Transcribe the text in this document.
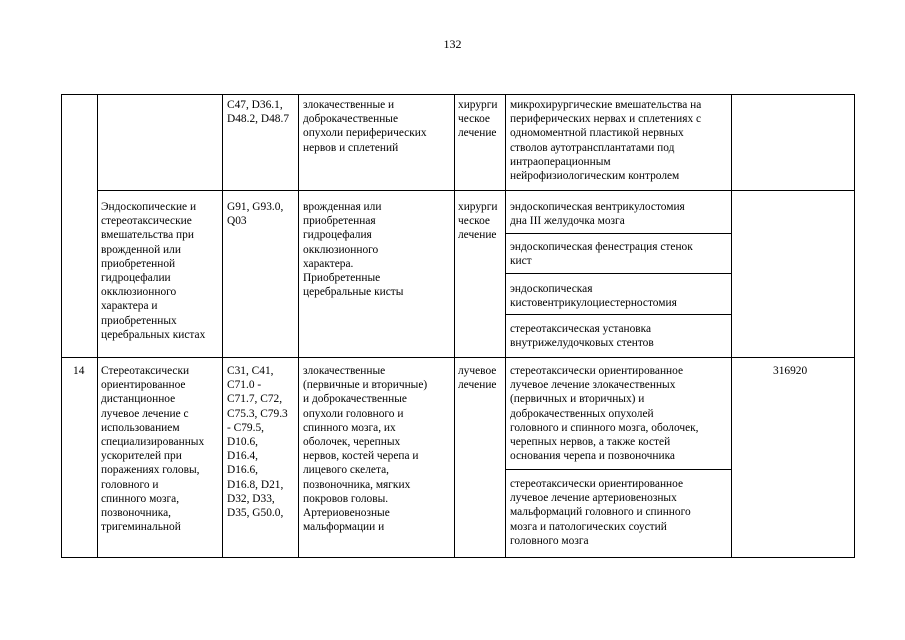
132
C47, D36.1,
D48.2, D48.7
злокачественные и
доброкачественные
опухоли периферических
нервов и сплетений
хирурги
ческое
лечение
микрохирургические вмешательства на
периферических нервах и сплетениях с
одномоментной пластикой нервных
стволов аутотрансплантатами под
интраоперационным
нейрофизиологическим контролем
Эндоскопические и
стереотаксические
вмешательства при
врожденной или
приобретенной
гидроцефалии
окклюзионного
характера и
приобретенных
церебральных кистах
G91, G93.0,
Q03
врожденная или
приобретенная
гидроцефалия
окклюзионного
характера.
Приобретенные
церебральные кисты
хирурги
ческое
лечение
эндоскопическая вентрикулостомия
дна III желудочка мозга
эндоскопическая фенестрация стенок
кист
эндоскопическая
кистовентрикулоциестерностомия
стереотаксическая установка
внутрижелудочковых стентов
14 Стереотаксически
ориентированное
дистанционное
лучевое лечение с
использованием
специализированных
ускорителей при
поражениях головы,
головного и
спинного мозга,
позвоночника,
тригеминальной
C31, C41,
C71.0 -
C71.7, C72,
C75.3, C79.3
- C79.5,
D10.6,
D16.4,
D16.6,
D16.8, D21,
D32, D33,
D35, G50.0,
злокачественные
(первичные и вторичные)
и доброкачественные
опухоли головного и
спинного мозга, их
оболочек, черепных
нервов, костей черепа и
лицевого скелета,
позвоночника, мягких
покровов головы.
Артериовенозные
мальформации и
лучевое
лечение
стереотаксически ориентированное
лучевое лечение злокачественных
(первичных и вторичных) и
доброкачественных опухолей
головного и спинного мозга, оболочек,
черепных нервов, а также костей
основания черепа и позвоночника
стереотаксически ориентированное
лучевое лечение артериовенозных
мальформаций головного и спинного
мозга и патологических соустий
головного мозга
316920
